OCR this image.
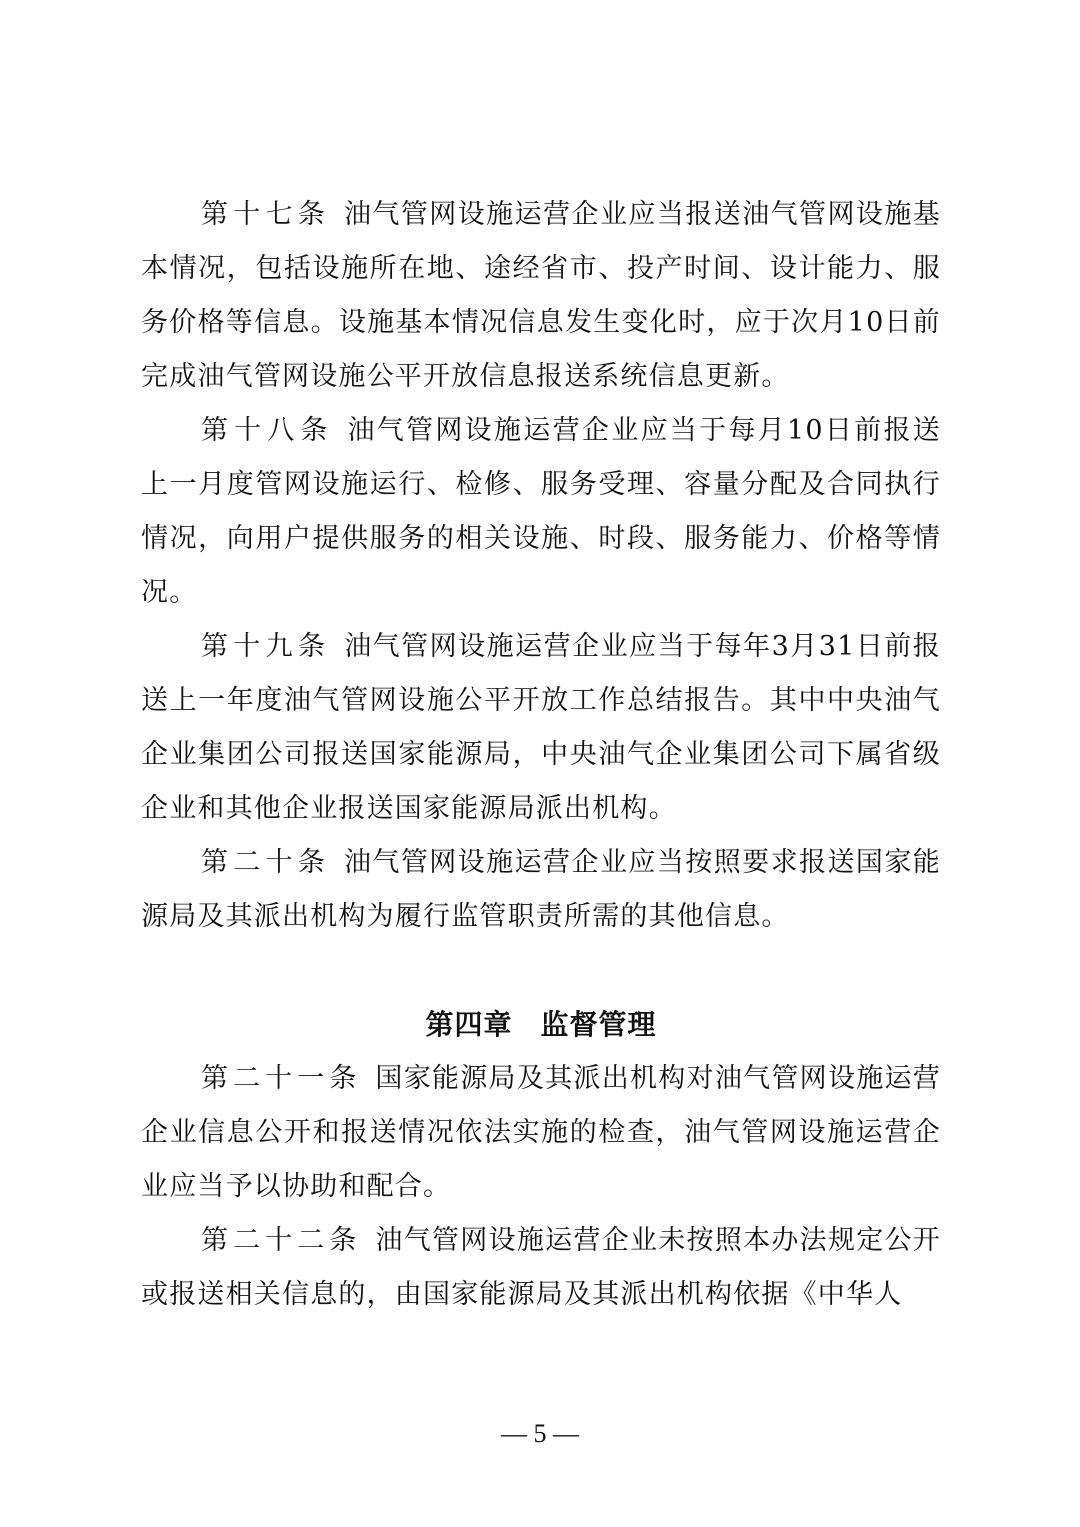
第十七条 油气管网设施运营企业应当报送油气管网设施基本情况，包括设施所在地、途经省市、投产时间、设计能力、服务价格等信息。设施基本情况信息发生变化时，应于次月10日前完成油气管网设施公平开放信息报送系统信息更新。

第十八条 油气管网设施运营企业应当于每月10日前报送上一月度管网设施运行、检修、服务受理、容量分配及合同执行情况，向用户提供服务的相关设施、时段、服务能力、价格等情况。

第十九条 油气管网设施运营企业应当于每年3月31日前报送上一年度油气管网设施公平开放工作总结报告。其中中央油气企业集团公司报送国家能源局，中央油气企业集团公司下属省级企业和其他企业报送国家能源局派出机构。

第二十条 油气管网设施运营企业应当按照要求报送国家能源局及其派出机构为履行监管职责所需的其他信息。

第四章 监督管理

第二十一条 国家能源局及其派出机构对油气管网设施运营企业信息公开和报送情况依法实施的检查，油气管网设施运营企业应当予以协助和配合。

第二十二条 油气管网设施运营企业未按照本办法规定公开或报送相关信息的，由国家能源局及其派出机构依据《中华人

— 5 —
